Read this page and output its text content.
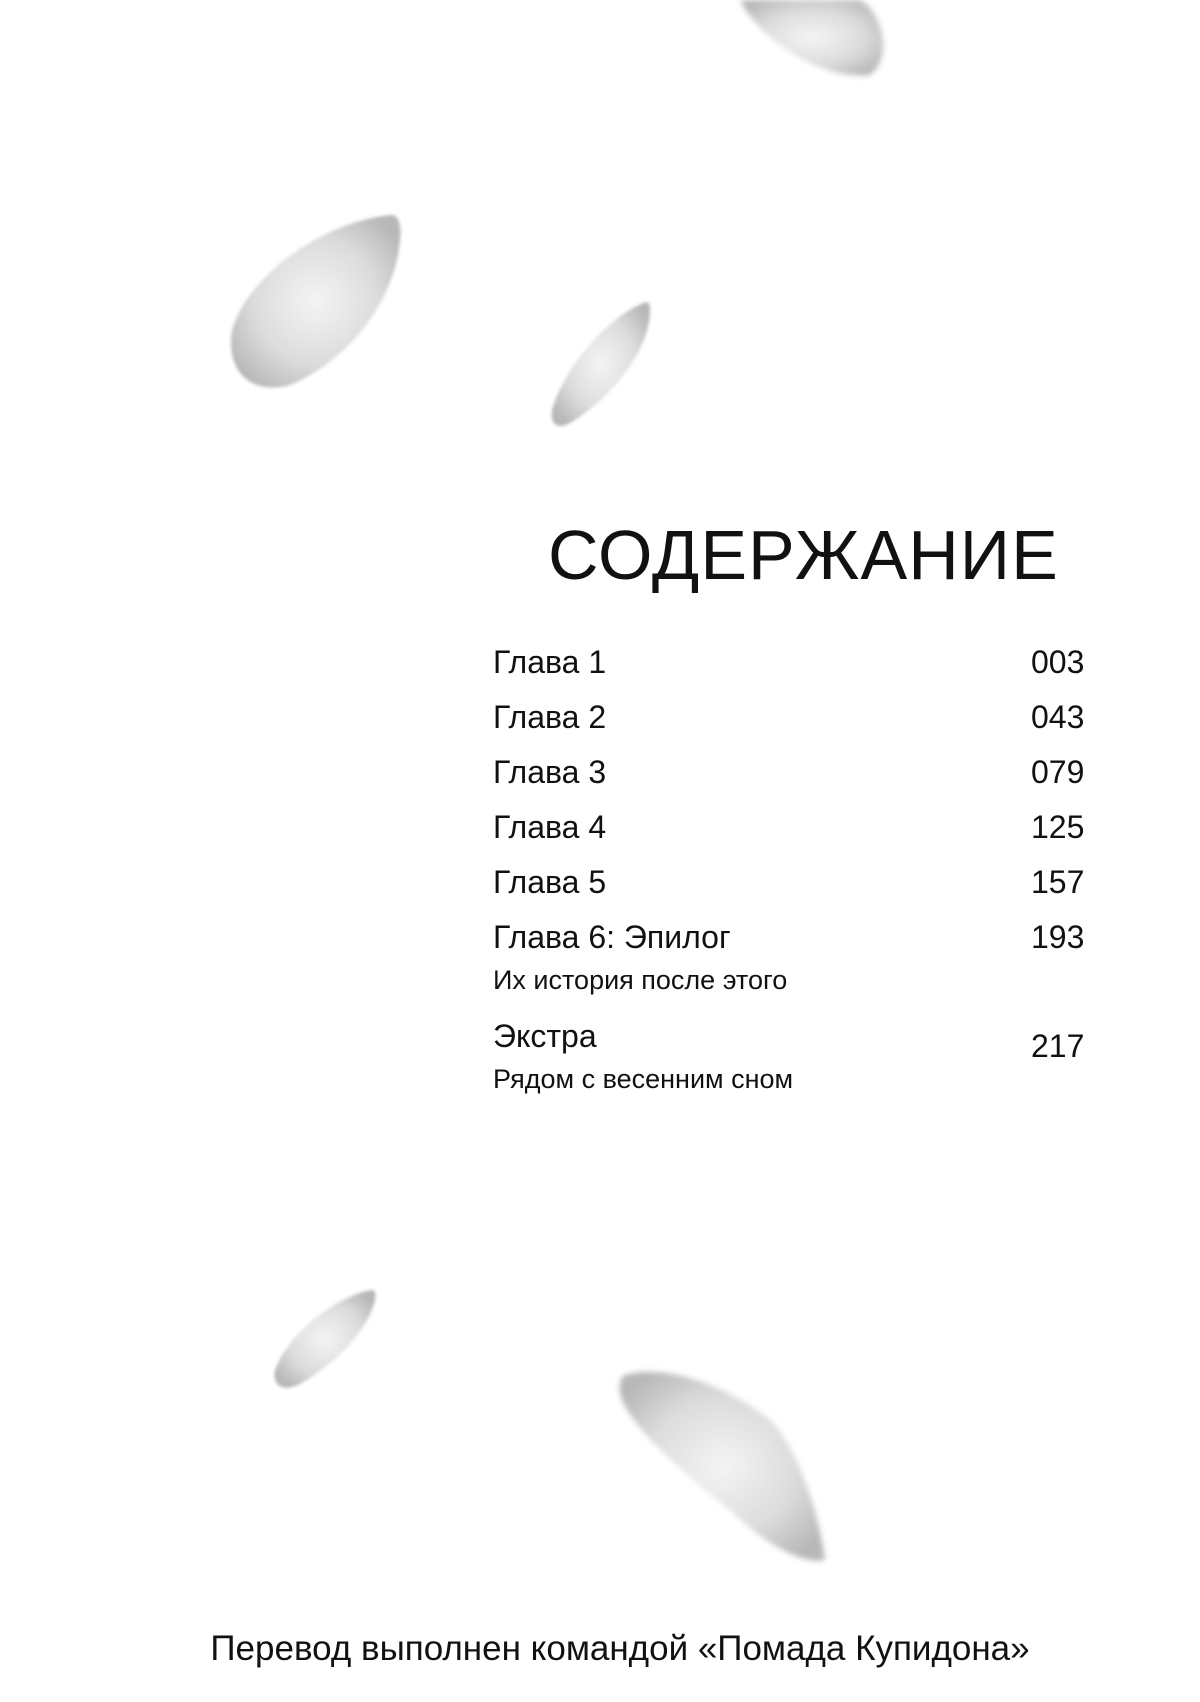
СОДЕРЖАНИЕ
Глава 1	003
Глава 2	043
Глава 3	079
Глава 4	125
Глава 5	157
Глава 6: Эпилог	193
Их история после этого
Экстра	217
Рядом с весенним сном
Перевод выполнен командой «Помада Купидона»
